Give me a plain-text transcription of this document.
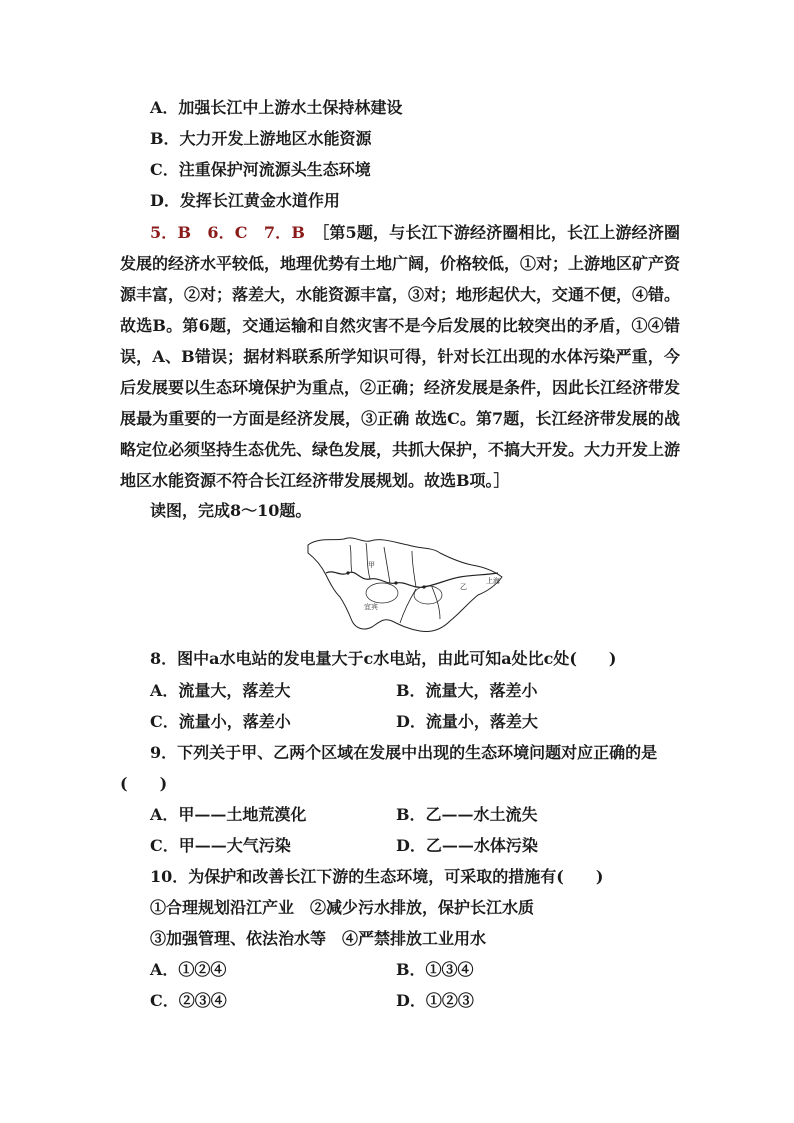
A．加强长江中上游水土保持林建设
B．大力开发上游地区水能资源
C．注重保护河流源头生态环境
D．发挥长江黄金水道作用
5．B　6．C　7．B　 ［第5题，与长江下游经济圈相比，长江上游经济圈发展的经济水平较低，地理优势有土地广阔，价格较低，①对；上游地区矿产资源丰富，②对；落差大，水能资源丰富，③对；地形起伏大，交通不便，④错。故选B。第6题，交通运输和自然灾害不是今后发展的比较突出的矛盾，①④错误，A、B错误；据材料联系所学知识可得，针对长江出现的水体污染严重，今后发展要以生态环境保护为重点，②正确；经济发展是条件，因此长江经济带发展最为重要的一方面是经济发展，③正确 故选C。第7题，长江经济带发展的战略定位必须坚持生态优先、绿色发展，共抓大保护，不搞大开发。大力开发上游地区水能资源不符合长江经济带发展规划。故选B项。］
读图，完成8～10题。
甲
乙
上海
宜宾
8．图中a水电站的发电量大于c水电站，由此可知a处比c处(　　)
A．流量大，落差大	B．流量大，落差小
C．流量小，落差小	D．流量小，落差大
9．下列关于甲、乙两个区域在发展中出现的生态环境问题对应正确的是
(　　)
A．甲——土地荒漠化	B．乙——水土流失
C．甲——大气污染	D．乙——水体污染
10．为保护和改善长江下游的生态环境，可采取的措施有(　　)
①合理规划沿江产业　②减少污水排放，保护长江水质
③加强管理、依法治水等　④严禁排放工业用水
A．①②④	B．①③④
C．②③④	D．①②③
